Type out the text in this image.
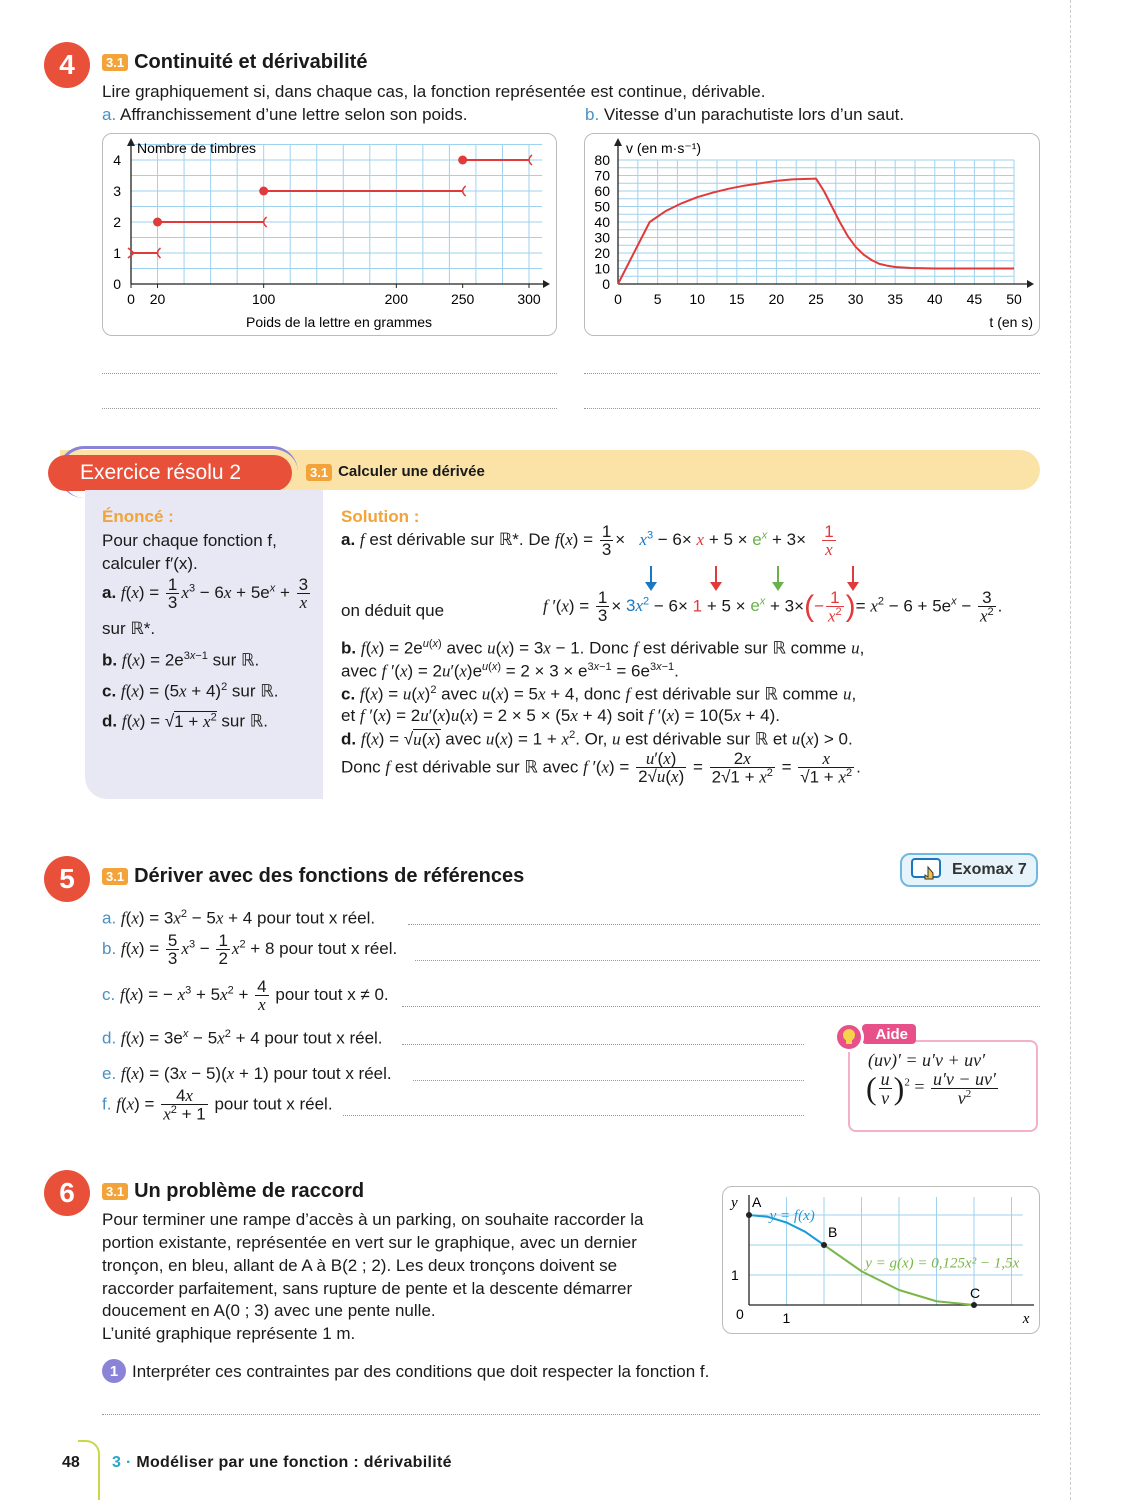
4	3.1 Continuité et dérivabilité
Lire graphiquement si, dans chaque cas, la fonction représentée est continue, dérivable.
a. Affranchissement d’une lettre selon son poids.	b. Vitesse d’un parachutiste lors d’un saut.
Nombre de timbres
Poids de la lettre en grammes
0 20	100	200	250	300
0
1
2
3
4
v (en m·s⁻¹)
t (en s)
0 5 10 15 20 25 30 35 40 45 50
0
10
20
30
40
50
60
70
80
Exercice résolu 2	3.1 Calculer une dérivée
Énoncé :
Pour chaque fonction f, calculer f′(x).
a. $f(x) = \frac{1}{3} x^3 - 6x + 5e^x + \frac{3}{x}$
sur ℝ*.
b. $f(x) = 2e^{3x-1}$ sur ℝ.
c. $f(x) = (5x + 4)^2$ sur ℝ.
d. $f(x) = √1 + x^2$ sur ℝ.
Solution :
a. f est dérivable sur ℝ*. De $f(x) = \frac{1}{3} \times x^3 - 6\times x + 5 \times e^x + 3\times \frac{1}{x}$
on déduit que	f $'(x) = \frac{1}{3} \times 3x^2 - 6\times 1 + 5 \times e^x + 3\times(- \frac{1}{x^2}$ )= $x^2 - 6 + 5e^x - \frac{3}{x^2}$ .
b. $f(x) = 2e^{u(x)}$ avec u(x) = 3x − 1. Donc f est dérivable sur ℝ comme u,
avec f $'(x) = 2u'(x)e^{u(x)} = 2 \times 3 \times e^{3x-1} = 6e^{3x-1}$.
c. $f(x) = u(x)^2$ avec u(x) = 5x + 4, donc f est dérivable sur ℝ comme u,
et f ′(x) = 2u′(x)u(x) = 2 × 5 × (5x + 4) soit f ′(x) = 10(5x + 4).
d. f(x) = √u(x) avec $u(x) = 1 + x^2$. Or, u est dérivable sur ℝ et u(x) > 0.
Donc f est dérivable sur ℝ avec f $'(x) = \frac{u'(x)}{2√u(x)} = \frac{2x}{2√1 + x^2} = \frac{x}{√1 + x^2}$ .
5	3.1 Dériver avec des fonctions de références	Exomax 7
a. $f(x) = 3x^2 - 5x + 4$ pour tout x réel.
b. $f(x) = \frac{5}{3} x^3 - \frac{1}{2} x^2 + 8$ pour tout x réel.
c. f(x) = − $x^3 + 5x^2 + \frac{4}{x}$ pour tout x ≠ 0.
d. $f(x) = 3e^x - 5x^2 + 4$ pour tout x réel.
e. f(x) = (3x − 5)(x + 1) pour tout x réel.
f. $f(x) = \frac{4x}{x^2 + 1}$ pour tout x réel.
Aide
(uv)′ = u′v + uv′
( $\frac{u}{v} )^2 = \frac{u'v - uv'}{v^2}$
6	3.1 Un problème de raccord
Pour terminer une rampe d’accès à un parking, on souhaite raccorder la
portion existante, représentée en vert sur le graphique, avec un dernier
tronçon, en bleu, allant de A à B(2 ; 2). Les deux tronçons doivent se
raccorder parfaitement, sans rupture de pente et la descente démarrer
doucement en A(0 ; 3) avec une pente nulle.
L’unité graphique représente 1 m.
y
x
0	1
1
y = f(x)
y = g(x) = 0,125x² − 1,5x
A
B
C
1 Interpréter ces contraintes par des conditions que doit respecter la fonction f.
48 3 · Modéliser par une fonction : dérivabilité
